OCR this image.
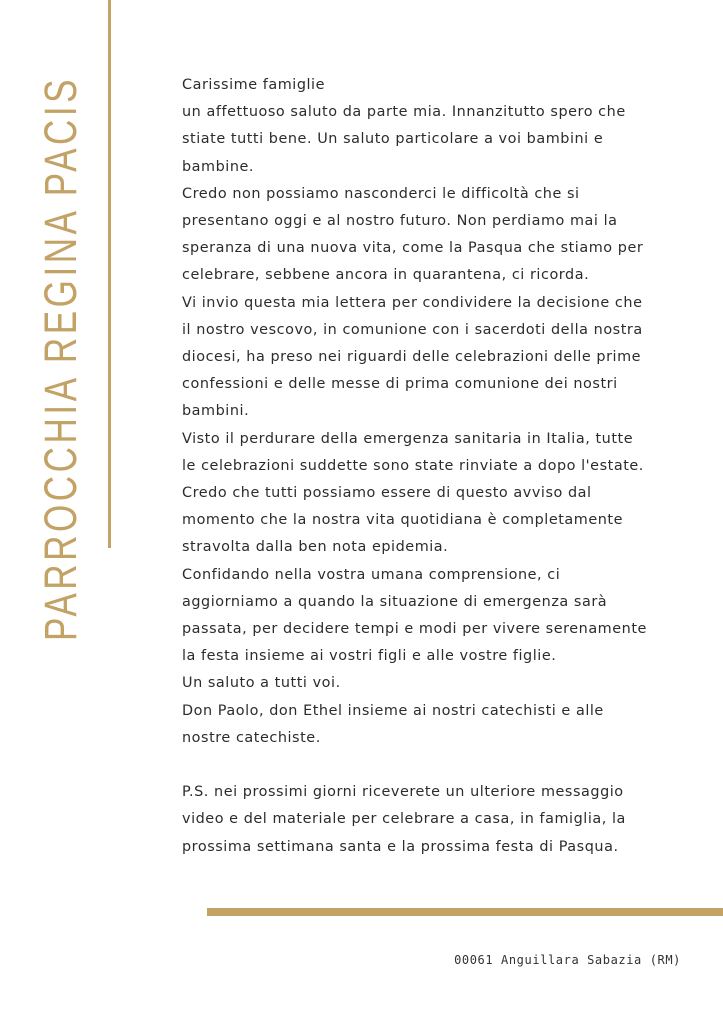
PARROCCHIA REGINA PACIS	Carissime famiglie
un affettuoso saluto da parte mia. Innanzitutto spero che
stiate tutti bene. Un saluto particolare a voi bambini e
bambine.

Credo non possiamo nasconderci le difficoltà che si
presentano oggi e al nostro futuro. Non perdiamo mai la
speranza di una nuova vita, come la Pasqua che stiamo per
celebrare, sebbene ancora in quarantena, ci ricorda.

Vi invio questa mia lettera per condividere la decisione che
il nostro vescovo, in comunione con i sacerdoti della nostra
diocesi, ha preso nei riguardi delle celebrazioni delle prime
confessioni e delle messe di prima comunione dei nostri
bambini.

Visto il perdurare della emergenza sanitaria in Italia, tutte
le celebrazioni suddette sono state rinviate a dopo l'estate.

Credo che tutti possiamo essere di questo avviso dal
momento che la nostra vita quotidiana è completamente
stravolta dalla ben nota epidemia.

Confidando nella vostra umana comprensione, ci
aggiorniamo a quando la situazione di emergenza sarà
passata, per decidere tempi e modi per vivere serenamente
la festa insieme ai vostri figli e alle vostre figlie.

Un saluto a tutti voi.

Don Paolo, don Ethel insieme ai nostri catechisti e alle
nostre catechiste.

P.S. nei prossimi giorni riceverete un ulteriore messaggio
video e del materiale per celebrare a casa, in famiglia, la
prossima settimana santa e la prossima festa di Pasqua.

00061 Anguillara Sabazia (RM)
